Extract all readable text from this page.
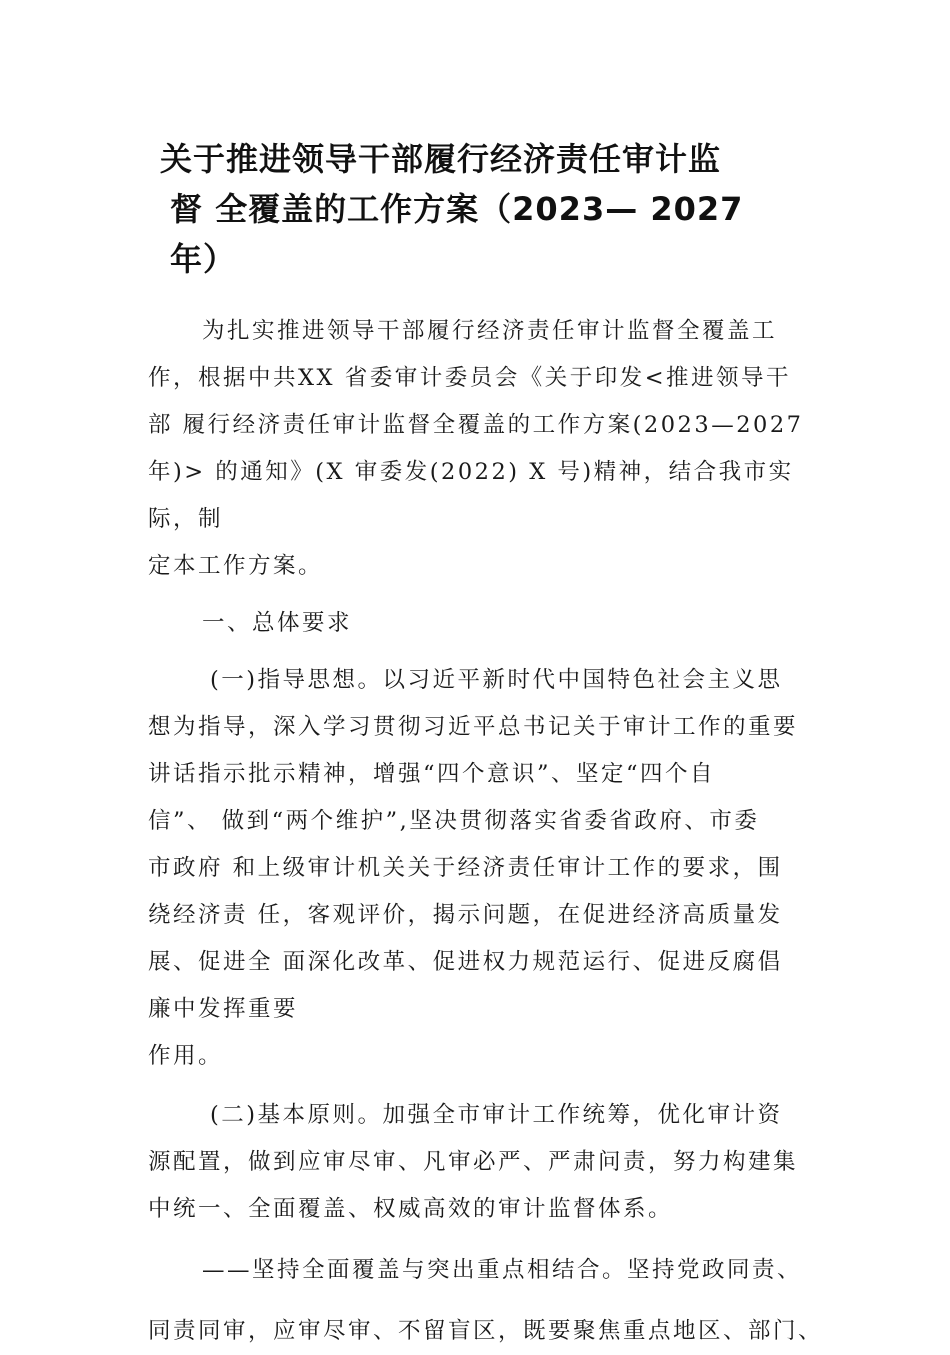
关于推进领导干部履行经济责任审计监
督 全覆盖的工作方案（2023— 2027
年）
为扎实推进领导干部履行经济责任审计监督全覆盖工
作，根据中共XX 省委审计委员会《关于印发<推进领导干
部 履行经济责任审计监督全覆盖的工作方案(2023—2027
年)> 的通知》(X 审委发(2022) X 号)精神，结合我市实
际，制
定本工作方案。
一、总体要求
(一)指导思想。以习近平新时代中国特色社会主义思
想为指导，深入学习贯彻习近平总书记关于审计工作的重要
讲话指示批示精神，增强“四个意识”、坚定“四个自
信”、 做到“两个维护”,坚决贯彻落实省委省政府、市委
市政府 和上级审计机关关于经济责任审计工作的要求，围
绕经济责 任，客观评价，揭示问题，在促进经济高质量发
展、促进全 面深化改革、促进权力规范运行、促进反腐倡
廉中发挥重要
作用。
(二)基本原则。加强全市审计工作统筹，优化审计资
源配置，做到应审尽审、凡审必严、严肃问责，努力构建集
中统一、全面覆盖、权威高效的审计监督体系。
——坚持全面覆盖与突出重点相结合。坚持党政同责、
同责同审，应审尽审、不留盲区，既要聚焦重点地区、部门、
